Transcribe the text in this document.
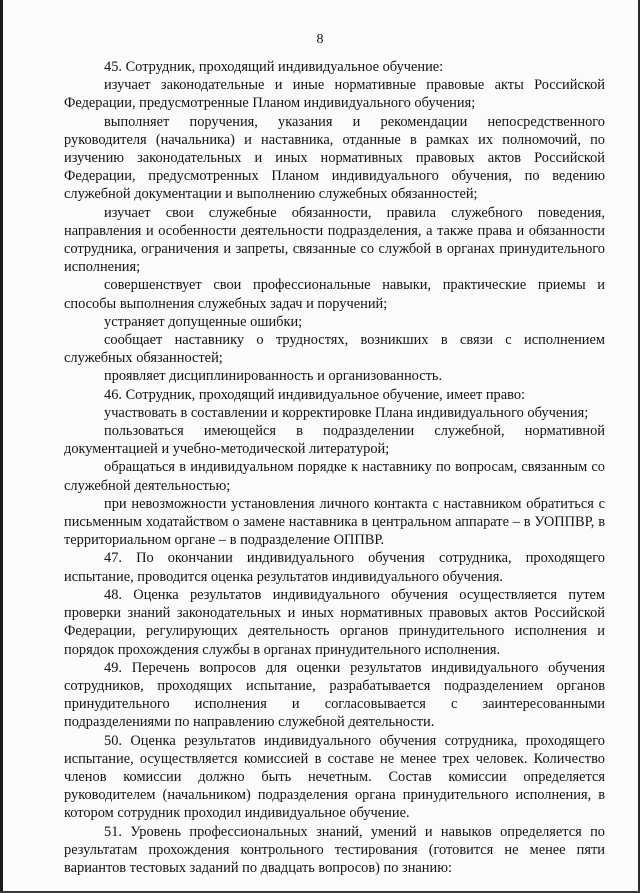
8

45. Сотрудник, проходящий индивидуальное обучение:

изучает законодательные и иные нормативные правовые акты Российской Федерации, предусмотренные Планом индивидуального обучения;

выполняет поручения, указания и рекомендации непосредственного руководителя (начальника) и наставника, отданные в рамках их полномочий, по изучению законодательных и иных нормативных правовых актов Российской Федерации, предусмотренных Планом индивидуального обучения, по ведению служебной документации и выполнению служебных обязанностей;

изучает свои служебные обязанности, правила служебного поведения, направления и особенности деятельности подразделения, а также права и обязанности сотрудника, ограничения и запреты, связанные со службой в органах принудительного исполнения;

совершенствует свои профессиональные навыки, практические приемы и способы выполнения служебных задач и поручений;

устраняет допущенные ошибки;

сообщает наставнику о трудностях, возникших в связи с исполнением служебных обязанностей;

проявляет дисциплинированность и организованность.

46. Сотрудник, проходящий индивидуальное обучение, имеет право:

участвовать в составлении и корректировке Плана индивидуального обучения;

пользоваться имеющейся в подразделении служебной, нормативной документацией и учебно-методической литературой;

обращаться в индивидуальном порядке к наставнику по вопросам, связанным со служебной деятельностью;

при невозможности установления личного контакта с наставником обратиться с письменным ходатайством о замене наставника в центральном аппарате – в УОППВР, в территориальном органе – в подразделение ОППВР.

47. По окончании индивидуального обучения сотрудника, проходящего испытание, проводится оценка результатов индивидуального обучения.

48. Оценка результатов индивидуального обучения осуществляется путем проверки знаний законодательных и иных нормативных правовых актов Российской Федерации, регулирующих деятельность органов принудительного исполнения и порядок прохождения службы в органах принудительного исполнения.

49. Перечень вопросов для оценки результатов индивидуального обучения сотрудников, проходящих испытание, разрабатывается подразделением органов принудительного исполнения и согласовывается с заинтересованными подразделениями по направлению служебной деятельности.

50. Оценка результатов индивидуального обучения сотрудника, проходящего испытание, осуществляется комиссией в составе не менее трех человек. Количество членов комиссии должно быть нечетным. Состав комиссии определяется руководителем (начальником) подразделения органа принудительного исполнения, в котором сотрудник проходил индивидуальное обучение.

51. Уровень профессиональных знаний, умений и навыков определяется по результатам прохождения контрольного тестирования (готовится не менее пяти вариантов тестовых заданий по двадцать вопросов) по знанию:
